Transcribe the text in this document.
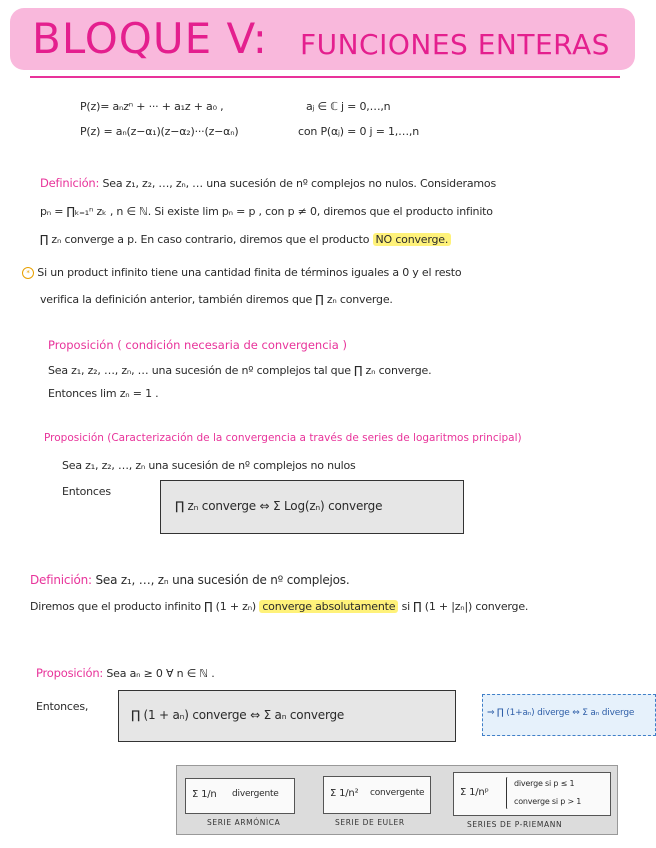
BLOQUE V: FUNCIONES ENTERAS
P(z)= aₙzⁿ + ··· + a₁z + a₀ ,	aⱼ ∈ ℂ j = 0,…,n
P(z) = aₙ(z−α₁)(z−α₂)···(z−αₙ)	con P(αⱼ) = 0 j = 1,…,n
Definición: Sea z₁, z₂, …, zₙ, … una sucesión de nº complejos no nulos. Consideramos
pₙ = ∏ₖ₌₁ⁿ zₖ , n ∈ ℕ. Si existe lim pₙ = p , con p ≠ 0, diremos que el producto infinito
∏ zₙ converge a p. En caso contrario, diremos que el producto NO converge.
* Si un product infinito tiene una cantidad finita de términos iguales a 0 y el resto
verifica la definición anterior, también diremos que ∏ zₙ converge.
Proposición ( condición necesaria de convergencia )
Sea z₁, z₂, …, zₙ, … una sucesión de nº complejos tal que ∏ zₙ converge.
Entonces lim zₙ = 1 .
Proposición (Caracterización de la convergencia a través de series de logaritmos principal)
Sea z₁, z₂, …, zₙ una sucesión de nº complejos no nulos
Entonces
∏ zₙ converge ⇔ Σ Log(zₙ) converge
Definición: Sea z₁, …, zₙ una sucesión de nº complejos.
Diremos que el producto infinito ∏ (1 + zₙ) converge absolutamente si ∏ (1 + |zₙ|) converge.
Proposición: Sea aₙ ≥ 0 ∀ n ∈ ℕ .
Entonces,
∏ (1 + aₙ) converge ⇔ Σ aₙ converge	⇒ ∏ (1+aₙ) diverge ⇔ Σ aₙ diverge
Σ 1/n divergente
SERIE ARMÓNICA
Σ 1/n² convergente
SERIE DE EULER
Σ 1/nᵖ
diverge si p ≤ 1
converge si p > 1
SERIES DE P-RIEMANN
